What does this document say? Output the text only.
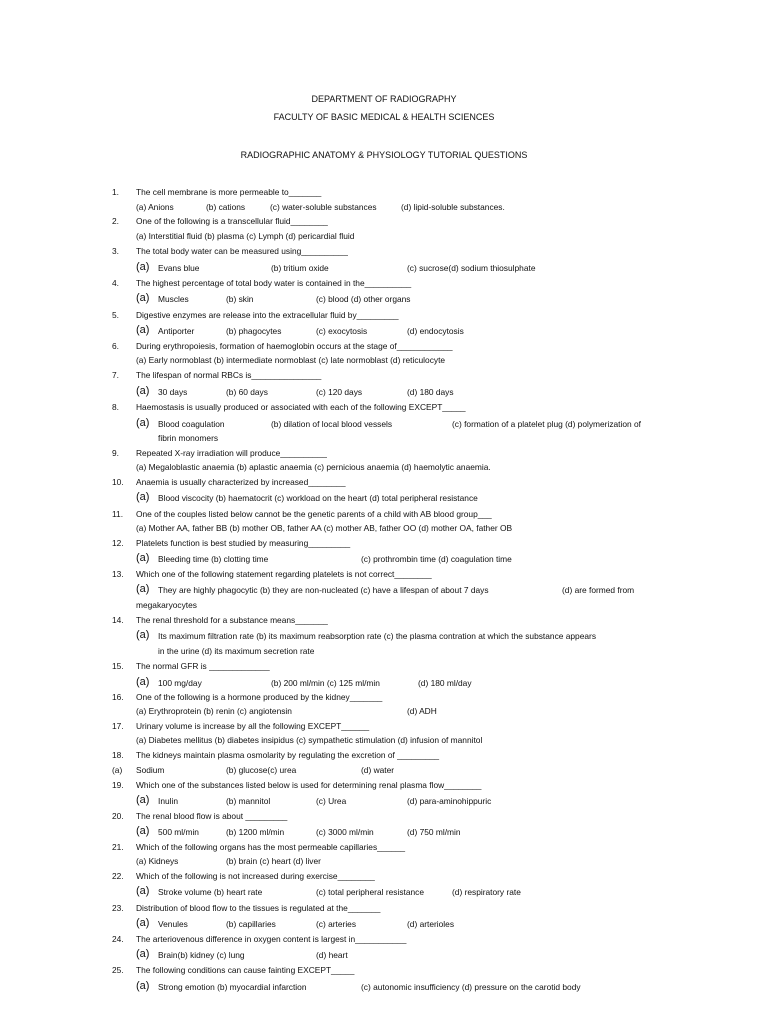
DEPARTMENT OF RADIOGRAPHY
FACULTY OF BASIC MEDICAL & HEALTH SCIENCES
RADIOGRAPHIC ANATOMY & PHYSIOLOGY TUTORIAL QUESTIONS
1.	The cell membrane is more permeable to_______
(a) Anions	(b) cations	(c) water-soluble substances	(d) lipid-soluble substances.
2.	One of the following is a transcellular fluid________
(a) Interstitial fluid (b) plasma (c) Lymph (d) pericardial fluid
3.	The total body water can be measured using__________
(a) Evans blue	(b) tritium oxide	(c) sucrose(d) sodium thiosulphate
4.	The highest percentage of total body water is contained in the__________
(a) Muscles	(b) skin	(c) blood (d) other organs
5.	Digestive enzymes are release into the extracellular fluid by_________
(a) Antiporter	(b) phagocytes	(c) exocytosis	(d) endocytosis
6.	During erythropoiesis, formation of haemoglobin occurs at the stage of____________
(a) Early normoblast (b) intermediate normoblast (c) late normoblast (d) reticulocyte
7.	The lifespan of normal RBCs is_______________
(a) 30 days	(b) 60 days	(c) 120 days	(d) 180 days
8.	Haemostasis is usually produced or associated with each of the following EXCEPT_____
(a) Blood coagulation	(b) dilation of local blood vessels	(c) formation of a platelet plug (d) polymerization of
fibrin monomers
9.	Repeated X-ray irradiation will produce__________
(a) Megaloblastic anaemia (b) aplastic anaemia (c) pernicious anaemia (d) haemolytic anaemia.
10.	Anaemia is usually characterized by increased________
(a) Blood viscocity (b) haematocrit (c) workload on the heart (d) total peripheral resistance
11.	One of the couples listed below cannot be the genetic parents of a child with AB blood group___
(a) Mother AA, father BB (b) mother OB, father AA (c) mother AB, father OO (d) mother OA, father OB
12.	Platelets function is best studied by measuring_________
(a) Bleeding time (b) clotting time	(c) prothrombin time (d) coagulation time
13.	Which one of the following statement regarding platelets is not correct________
(a) They are highly phagocytic (b) they are non-nucleated (c) have a lifespan of about 7 days	(d) are formed from
megakaryocytes
14.	The renal threshold for a substance means_______
(a) Its maximum filtration rate (b) its maximum reabsorption rate (c) the plasma contration at which the substance appears
in the urine (d) its maximum secretion rate
15.	The normal GFR is _____________
(a) 100 mg/day	(b) 200 ml/min (c) 125 ml/min	(d) 180 ml/day
16.	One of the following is a hormone produced by the kidney_______
(a) Erythroprotein (b) renin (c) angiotensin	(d) ADH
17.	Urinary volume is increase by all the following EXCEPT______
(a) Diabetes mellitus (b) diabetes insipidus (c) sympathetic stimulation (d) infusion of mannitol
18.	The kidneys maintain plasma osmolarity by regulating the excretion of _________
(a) Sodium	(b) glucose(c) urea	(d) water
19.	Which one of the substances listed below is used for determining renal plasma flow________
(a) Inulin	(b) mannitol	(c) Urea	(d) para-aminohippuric
20.	The renal blood flow is about _________
(a) 500 ml/min	(b) 1200 ml/min	(c) 3000 ml/min	(d) 750 ml/min
21.	Which of the following organs has the most permeable capillaries______
(a) Kidneys	(b) brain (c) heart (d) liver
22.	Which of the following is not increased during exercise________
(a) Stroke volume (b) heart rate	(c) total peripheral resistance	(d) respiratory rate
23.	Distribution of blood flow to the tissues is regulated at the_______
(a) Venules	(b) capillaries	(c) arteries	(d) arterioles
24.	The arteriovenous difference in oxygen content is largest in___________
(a) Brain(b) kidney (c) lung	(d) heart
25.	The following conditions can cause fainting EXCEPT_____
(a) Strong emotion (b) myocardial infarction	(c) autonomic insufficiency (d) pressure on the carotid body
